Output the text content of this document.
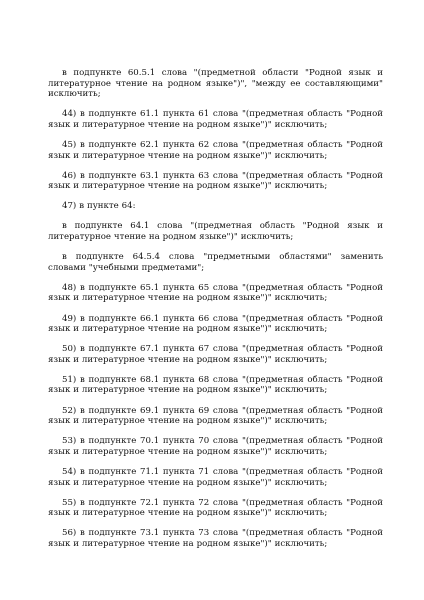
в подпункте 60.5.1 слова "(предметной области "Родной язык и литературное чтение на родном языке")", "между ее составляющими" исключить;

44) в подпункте 61.1 пункта 61 слова "(предметная область "Родной язык и литературное чтение на родном языке")" исключить;

45) в подпункте 62.1 пункта 62 слова "(предметная область "Родной язык и литературное чтение на родном языке")" исключить;

46) в подпункте 63.1 пункта 63 слова "(предметная область "Родной язык и литературное чтение на родном языке")" исключить;

47) в пункте 64:

в подпункте 64.1 слова "(предметная область "Родной язык и литературное чтение на родном языке")" исключить;

в подпункте 64.5.4 слова "предметными областями" заменить словами "учебными предметами";

48) в подпункте 65.1 пункта 65 слова "(предметная область "Родной язык и литературное чтение на родном языке")" исключить;

49) в подпункте 66.1 пункта 66 слова "(предметная область "Родной язык и литературное чтение на родном языке")" исключить;

50) в подпункте 67.1 пункта 67 слова "(предметная область "Родной язык и литературное чтение на родном языке")" исключить;

51) в подпункте 68.1 пункта 68 слова "(предметная область "Родной язык и литературное чтение на родном языке")" исключить;

52) в подпункте 69.1 пункта 69 слова "(предметная область "Родной язык и литературное чтение на родном языке")" исключить;

53) в подпункте 70.1 пункта 70 слова "(предметная область "Родной язык и литературное чтение на родном языке")" исключить;

54) в подпункте 71.1 пункта 71 слова "(предметная область "Родной язык и литературное чтение на родном языке")" исключить;

55) в подпункте 72.1 пункта 72 слова "(предметная область "Родной язык и литературное чтение на родном языке")" исключить;

56) в подпункте 73.1 пункта 73 слова "(предметная область "Родной язык и литературное чтение на родном языке")" исключить;
